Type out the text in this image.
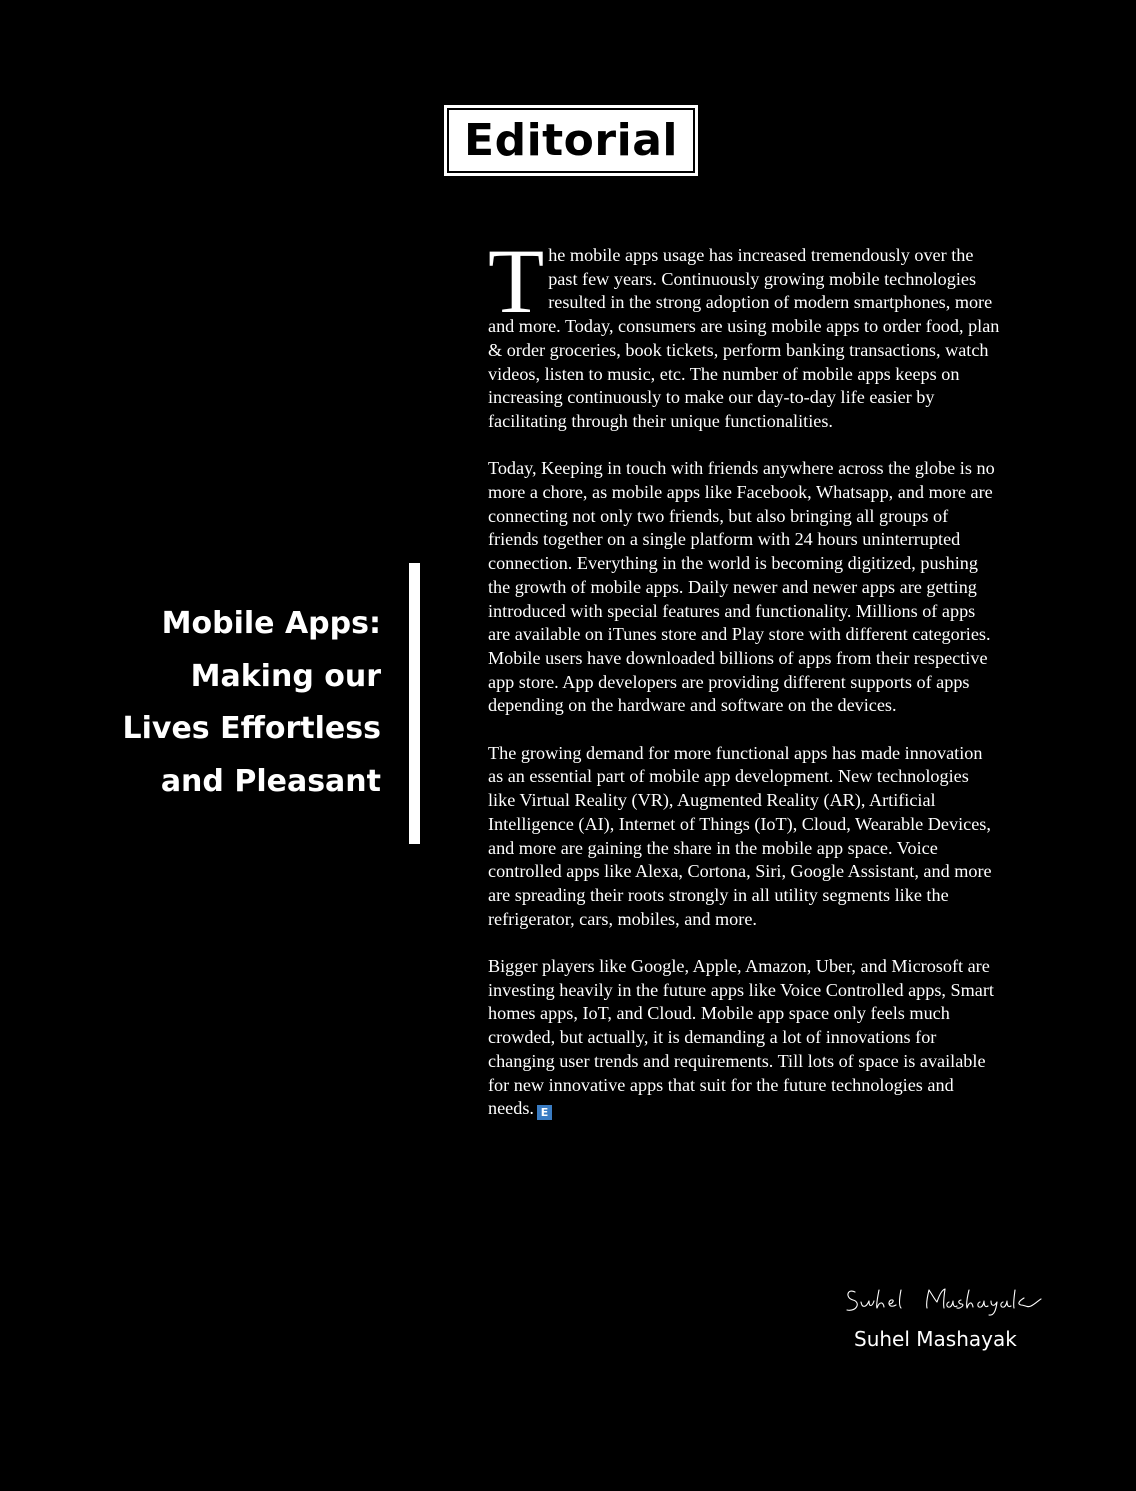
Editorial
Mobile Apps:
Making our
Lives Effortless
and Pleasant

The mobile apps usage has increased tremendously over the past few years. Continuously growing mobile technologies resulted in the strong adoption of modern smartphones, more and more. Today, consumers are using mobile apps to order food, plan & order groceries, book tickets, perform banking transactions, watch videos, listen to music, etc. The number of mobile apps keeps on increasing continuously to make our day-to-day life easier by facilitating through their unique functionalities.

Today, Keeping in touch with friends anywhere across the globe is no more a chore, as mobile apps like Facebook, Whatsapp, and more are connecting not only two friends, but also bringing all groups of friends together on a single platform with 24 hours uninterrupted connection. Everything in the world is becoming digitized, pushing the growth of mobile apps. Daily newer and newer apps are getting introduced with special features and functionality. Millions of apps are available on iTunes store and Play store with different categories. Mobile users have downloaded billions of apps from their respective app store. App developers are providing different supports of apps depending on the hardware and software on the devices.

The growing demand for more functional apps has made innovation as an essential part of mobile app development. New technologies like Virtual Reality (VR), Augmented Reality (AR), Artificial Intelligence (AI), Internet of Things (IoT), Cloud, Wearable Devices, and more are gaining the share in the mobile app space. Voice controlled apps like Alexa, Cortona, Siri, Google Assistant, and more are spreading their roots strongly in all utility segments like the refrigerator, cars, mobiles, and more.

Bigger players like Google, Apple, Amazon, Uber, and Microsoft are investing heavily in the future apps like Voice Controlled apps, Smart homes apps, IoT, and Cloud. Mobile app space only feels much crowded, but actually, it is demanding a lot of innovations for changing user trends and requirements. Till lots of space is available for new innovative apps that suit for the future technologies and needs. E

Suhel Mashayak
